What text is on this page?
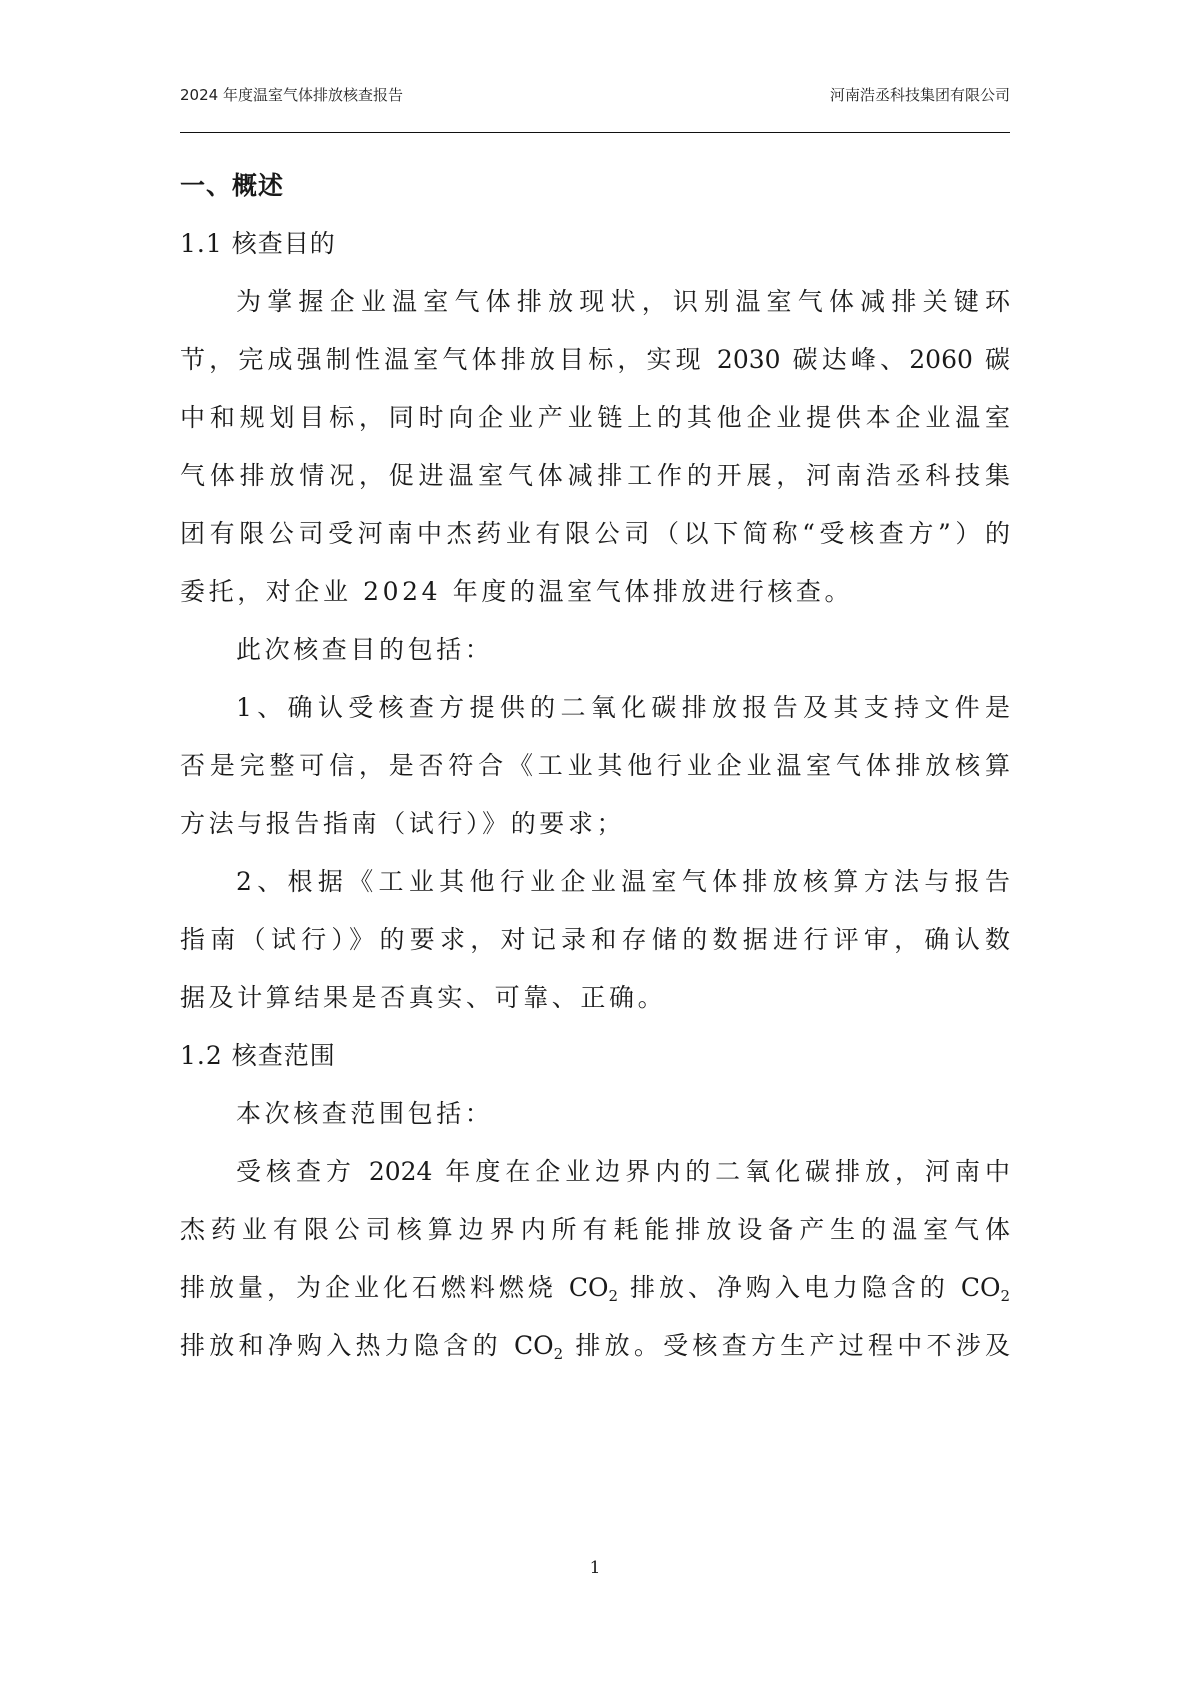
2024 年度温室气体排放核查报告	河南浩丞科技集团有限公司
一、概述
1.1 核查目的
为掌握企业温室气体排放现状，识别温室气体减排关键环
节，完成强制性温室气体排放目标，实现 2030 碳达峰、2060 碳
中和规划目标，同时向企业产业链上的其他企业提供本企业温室
气体排放情况，促进温室气体减排工作的开展，河南浩丞科技集
团有限公司受河南中杰药业有限公司（以下简称“受核查方”）的
委托，对企业 2024 年度的温室气体排放进行核查。
此次核查目的包括：
1、确认受核查方提供的二氧化碳排放报告及其支持文件是
否是完整可信，是否符合《工业其他行业企业温室气体排放核算
方法与报告指南（试行）》的要求；
2、根据《工业其他行业企业温室气体排放核算方法与报告
指南（试行）》的要求，对记录和存储的数据进行评审，确认数
据及计算结果是否真实、可靠、正确。
1.2 核查范围
本次核查范围包括：
受核查方 2024 年度在企业边界内的二氧化碳排放，河南中
杰药业有限公司核算边界内所有耗能排放设备产生的温室气体
排放量，为企业化石燃料燃烧 $CO_2$ 排放、净购入电力隐含的 $CO_2$
排放和净购入热力隐含的 $CO_2$ 排放。受核查方生产过程中不涉及
1
